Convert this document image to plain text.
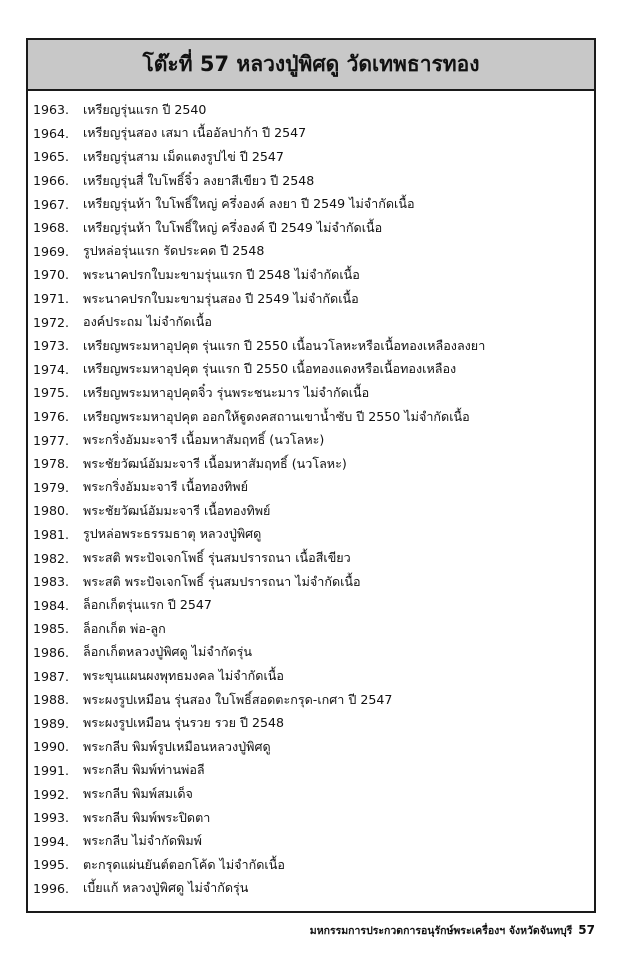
โต๊ะที่ 57 หลวงปู่พิศดู วัดเทพธารทอง
1963.	เหรียญรุ่นแรก ปี 2540
1964.	เหรียญรุ่นสอง เสมา เนื้ออัลปาก้า ปี 2547
1965.	เหรียญรุ่นสาม เม็ดแตงรูปไข่ ปี 2547
1966.	เหรียญรุ่นสี่ ใบโพธิ์จิ๋ว ลงยาสีเขียว ปี 2548
1967.	เหรียญรุ่นห้า ใบโพธิ์ใหญ่ ครึ่งองค์ ลงยา ปี 2549 ไม่จำกัดเนื้อ
1968.	เหรียญรุ่นห้า ใบโพธิ์ใหญ่ ครึ่งองค์ ปี 2549 ไม่จำกัดเนื้อ
1969.	รูปหล่อรุ่นแรก รัดประคด ปี 2548
1970.	พระนาคปรกใบมะขามรุ่นแรก ปี 2548 ไม่จำกัดเนื้อ
1971.	พระนาคปรกใบมะขามรุ่นสอง ปี 2549 ไม่จำกัดเนื้อ
1972.	องค์ประถม ไม่จำกัดเนื้อ
1973.	เหรียญพระมหาอุปคุต รุ่นแรก ปี 2550 เนื้อนวโลหะหรือเนื้อทองเหลืองลงยา
1974.	เหรียญพระมหาอุปคุต รุ่นแรก ปี 2550 เนื้อทองแดงหรือเนื้อทองเหลือง
1975.	เหรียญพระมหาอุปคุตจิ๋ว รุ่นพระชนะมาร ไม่จำกัดเนื้อ
1976.	เหรียญพระมหาอุปคุต ออกให้ฐูดงคสถานเขาน้ำซับ ปี 2550 ไม่จำกัดเนื้อ
1977.	พระกริ่งอัมมะจารี เนื้อมหาสัมฤทธิ์ (นวโลหะ)
1978.	พระชัยวัฒน์อัมมะจารี เนื้อมหาสัมฤทธิ์ (นวโลหะ)
1979.	พระกริ่งอัมมะจารี เนื้อทองทิพย์
1980.	พระชัยวัฒน์อัมมะจารี เนื้อทองทิพย์
1981.	รูปหล่อพระธรรมธาตุ หลวงปู่พิศดู
1982.	พระสติ พระปัจเจกโพธิ์ รุ่นสมปรารถนา เนื้อสีเขียว
1983.	พระสติ พระปัจเจกโพธิ์ รุ่นสมปรารถนา ไม่จำกัดเนื้อ
1984.	ล็อกเก็ตรุ่นแรก ปี 2547
1985.	ล็อกเก็ต พ่อ-ลูก
1986.	ล็อกเก็ตหลวงปู่พิศดู ไม่จำกัดรุ่น
1987.	พระขุนแผนผงพุทธมงคล ไม่จำกัดเนื้อ
1988.	พระผงรูปเหมือน รุ่นสอง ใบโพธิ์สอดตะกรุด-เกศา ปี 2547
1989.	พระผงรูปเหมือน รุ่นรวย รวย ปี 2548
1990.	พระกลีบ พิมพ์รูปเหมือนหลวงปู่พิศดู
1991.	พระกลีบ พิมพ์ท่านพ่อลี
1992.	พระกลีบ พิมพ์สมเด็จ
1993.	พระกลีบ พิมพ์พระปิดตา
1994.	พระกลีบ ไม่จำกัดพิมพ์
1995.	ตะกรุดแผ่นยันต์ตอกโค้ด ไม่จำกัดเนื้อ
1996.	เบี้ยแก้ หลวงปู่พิศดู ไม่จำกัดรุ่น
มหกรรมการประกวดการอนุรักษ์พระเครื่องฯ จังหวัดจันทบุรี 57
